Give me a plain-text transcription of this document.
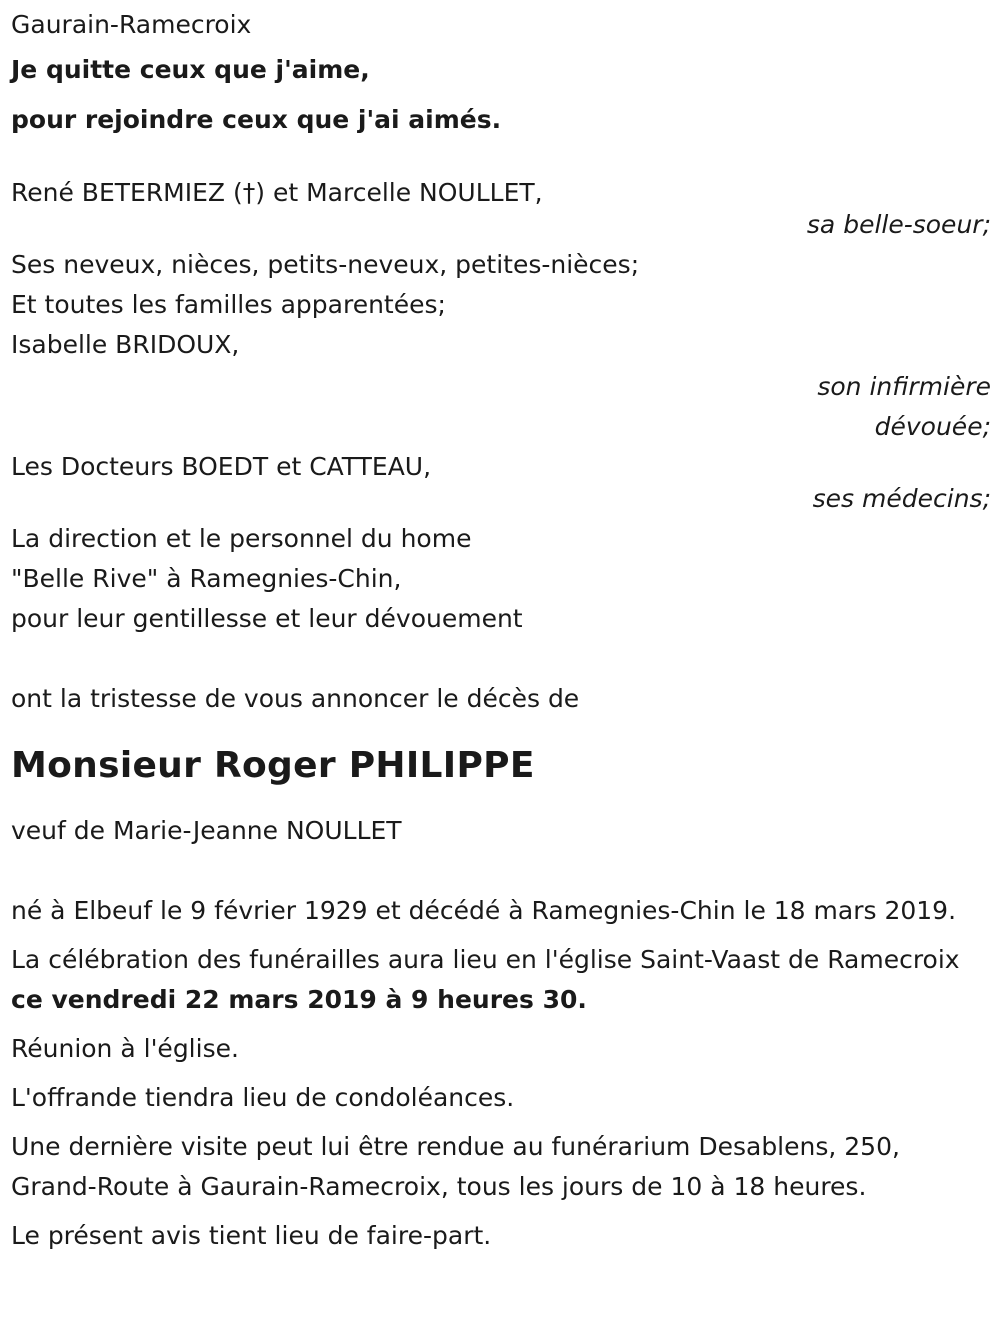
Gaurain-Ramecroix

Je quitte ceux que j'aime,

pour rejoindre ceux que j'ai aimés.

René BETERMIEZ (†) et Marcelle NOULLET,

sa belle-soeur;

Ses neveux, nièces, petits-neveux, petites-nièces;

Et toutes les familles apparentées;

Isabelle BRIDOUX,

son infirmière

dévouée;

Les Docteurs BOEDT et CATTEAU,

ses médecins;

La direction et le personnel du home

"Belle Rive" à Ramegnies-Chin,

pour leur gentillesse et leur dévouement

ont la tristesse de vous annoncer le décès de

Monsieur Roger PHILIPPE

veuf de Marie-Jeanne NOULLET

né à Elbeuf le 9 février 1929 et décédé à Ramegnies-Chin le 18 mars 2019.

La célébration des funérailles aura lieu en l'église Saint-Vaast de Ramecroix ce vendredi 22 mars 2019 à 9 heures 30.

Réunion à l'église.

L'offrande tiendra lieu de condoléances.

Une dernière visite peut lui être rendue au funérarium Desablens, 250, Grand-Route à Gaurain-Ramecroix, tous les jours de 10 à 18 heures.

Le présent avis tient lieu de faire-part.
